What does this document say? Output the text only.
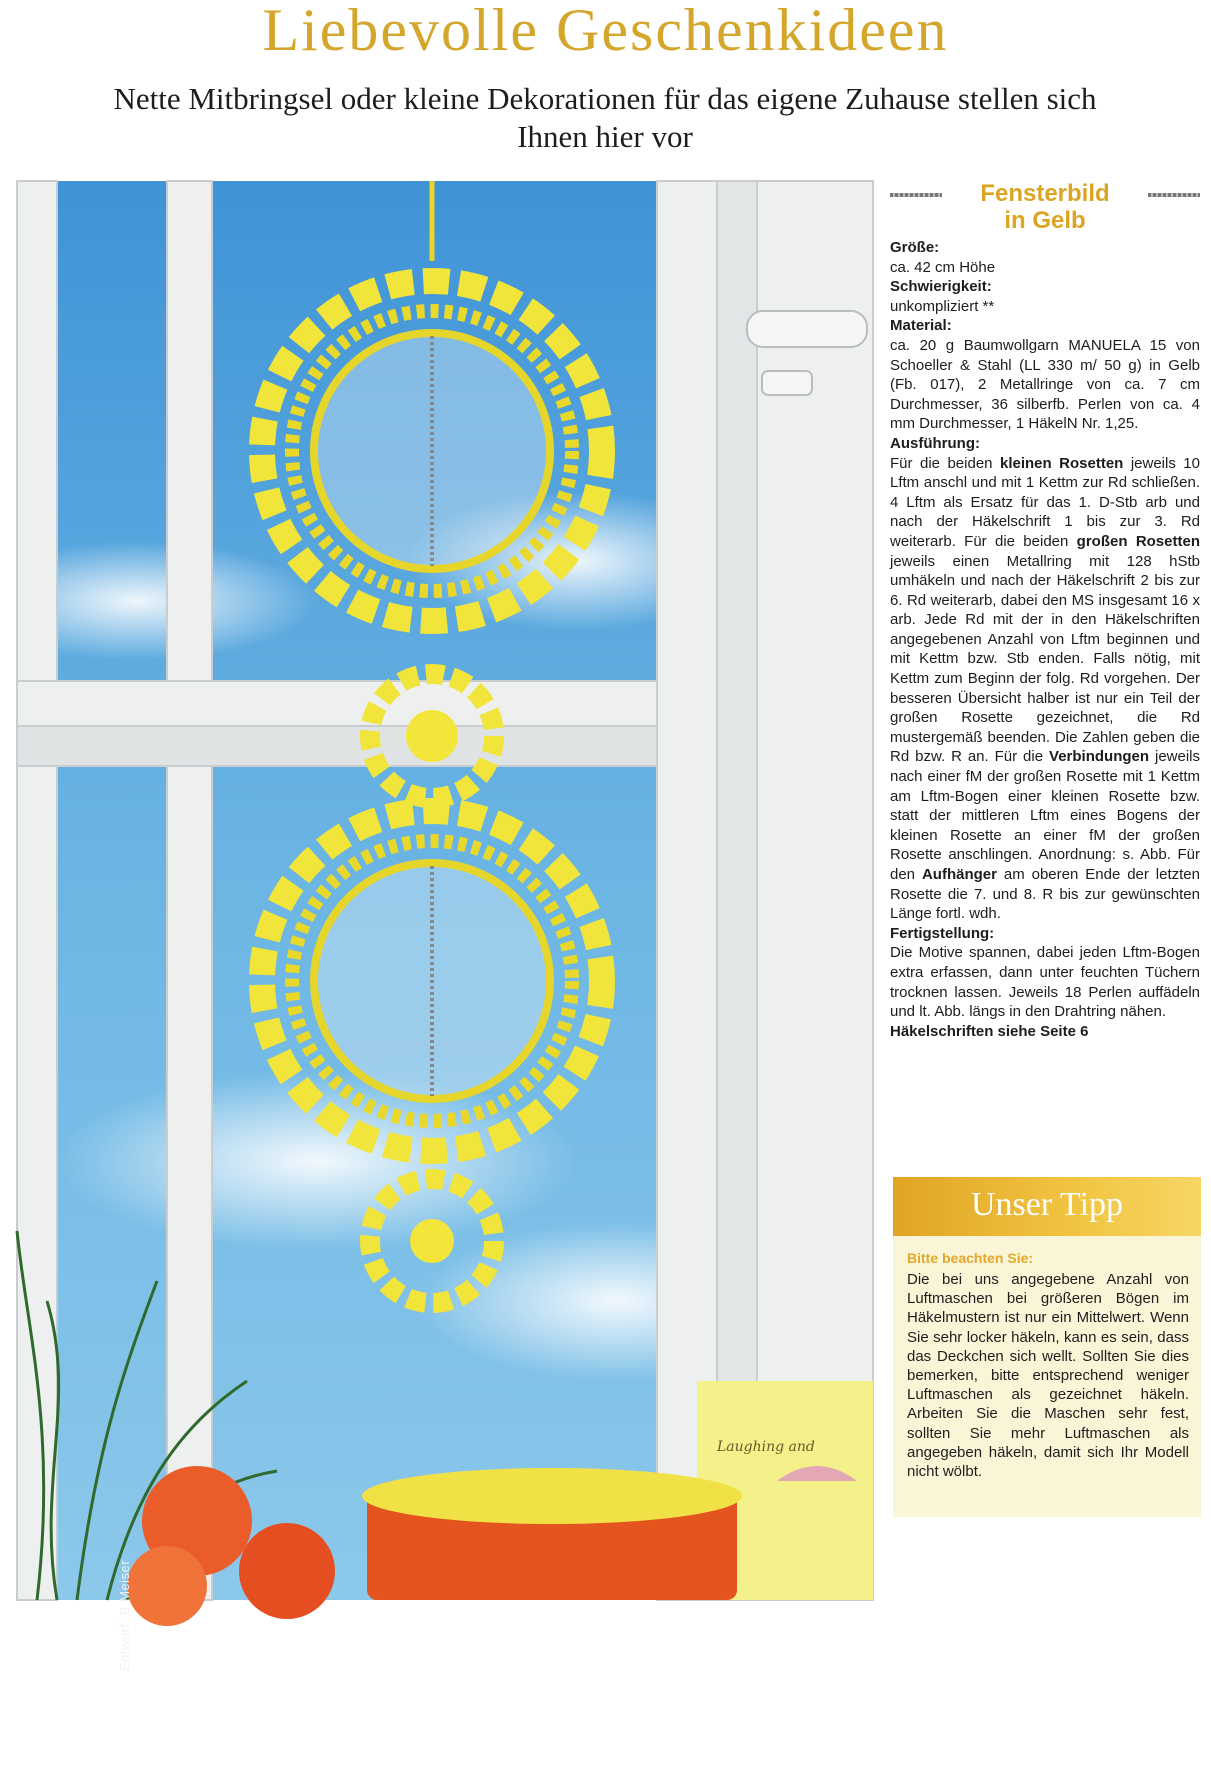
Liebevolle Geschenkideen
Nette Mitbringsel oder kleine Dekorationen für das eigene Zuhause stellen sich Ihnen hier vor
Laughing and
Entwurf: B.Meiser
10
Fensterbild
in Gelb
Größe:

ca. 42 cm Höhe

Schwierigkeit:

unkompliziert **

Material:

ca. 20 g Baumwollgarn MANUELA 15 von Schoeller & Stahl (LL 330 m/ 50 g) in Gelb (Fb. 017), 2 Metallringe von ca. 7 cm Durchmesser, 36 silberfb. Perlen von ca. 4 mm Durchmesser, 1 HäkelN Nr. 1,25.

Ausführung:

Für die beiden kleinen Rosetten jeweils 10 Lftm anschl und mit 1 Kettm zur Rd schließen. 4 Lftm als Ersatz für das 1. D-Stb arb und nach der Häkelschrift 1 bis zur 3. Rd weiterarb. Für die beiden großen Rosetten jeweils einen Metallring mit 128 hStb umhäkeln und nach der Häkelschrift 2 bis zur 6. Rd weiterarb, dabei den MS insgesamt 16 x arb. Jede Rd mit der in den Häkelschriften angegebenen Anzahl von Lftm beginnen und mit Kettm bzw. Stb enden. Falls nötig, mit Kettm zum Beginn der folg. Rd vorgehen. Der besseren Übersicht halber ist nur ein Teil der großen Rosette gezeichnet, die Rd mustergemäß beenden. Die Zahlen geben die Rd bzw. R an. Für die Verbindungen jeweils nach einer fM der großen Rosette mit 1 Kettm am Lftm-Bogen einer kleinen Rosette bzw. statt der mittleren Lftm eines Bogens der kleinen Rosette an einer fM der großen Rosette anschlingen. Anordnung: s. Abb. Für den Aufhänger am oberen Ende der letzten Rosette die 7. und 8. R bis zur gewünschten Länge fortl. wdh.

Fertigstellung:

Die Motive spannen, dabei jeden Lftm-Bogen extra erfassen, dann unter feuchten Tüchern trocknen lassen. Jeweils 18 Perlen auffädeln und lt. Abb. längs in den Drahtring nähen.

Häkelschriften siehe Seite 6
Unser Tipp
Bitte beachten Sie:
Die bei uns angegebene Anzahl von Luftmaschen bei größeren Bögen im Häkelmustern ist nur ein Mittelwert. Wenn Sie sehr locker häkeln, kann es sein, dass das Deckchen sich wellt. Sollten Sie dies bemerken, bitte entsprechend weniger Luftmaschen als gezeichnet häkeln. Arbeiten Sie die Maschen sehr fest, sollten Sie mehr Luftmaschen als angegeben häkeln, damit sich Ihr Modell nicht wölbt.
